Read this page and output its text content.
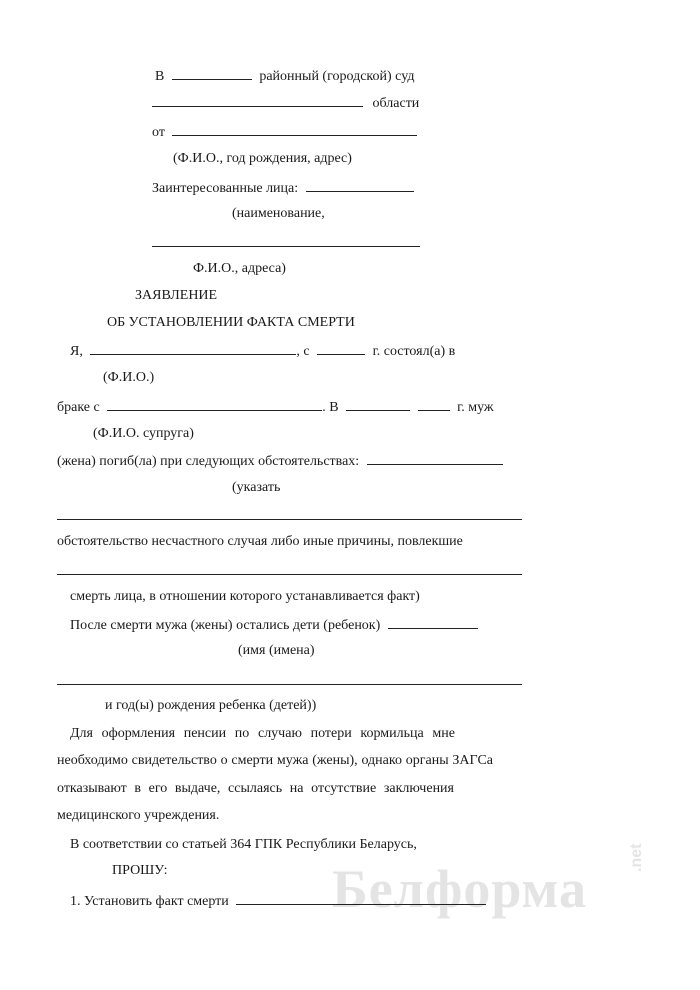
В	районный (городской) суд
области
от
(Ф.И.О., год рождения, адрес)
Заинтересованные лица:
(наименование,
Ф.И.О., адреса)
ЗАЯВЛЕНИЕ
ОБ УСТАНОВЛЕНИИ ФАКТА СМЕРТИ
Я,	, с	г. состоял(а) в
(Ф.И.О.)
браке с	. В	г. муж
(Ф.И.О. супруга)
(жена) погиб(ла) при следующих обстоятельствах:
(указать
обстоятельство несчастного случая либо иные причины, повлекшие
смерть лица, в отношении которого устанавливается факт)
После смерти мужа (жены) остались дети (ребенок)
(имя (имена)
и год(ы) рождения ребенка (детей))
Для оформления пенсии по случаю потери кормильца мне
необходимо свидетельство о смерти мужа (жены), однако органы ЗАГСа
отказывают в его выдаче, ссылаясь на отсутствие заключения
медицинского учреждения.
В соответствии со статьей 364 ГПК Республики Беларусь,
ПРОШУ:	Белформа
.net
1. Установить факт смерти
